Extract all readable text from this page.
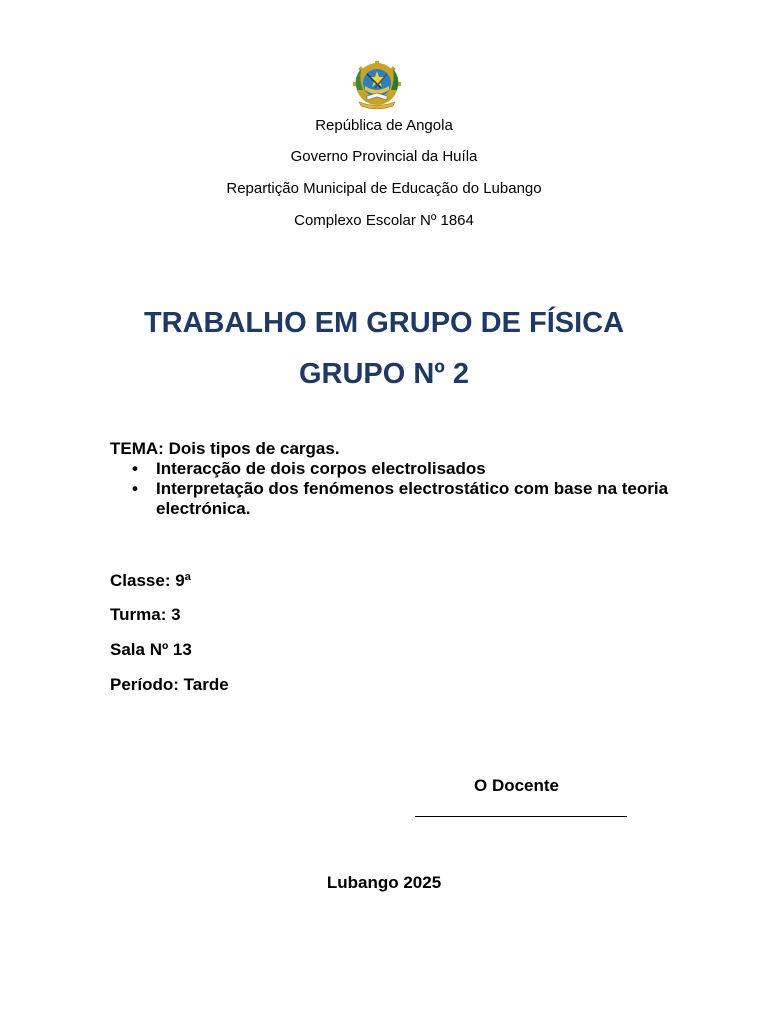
República de Angola
Governo Provincial da Huíla
Repartição Municipal de Educação do Lubango
Complexo Escolar Nº 1864
TRABALHO EM GRUPO DE FÍSICA
GRUPO Nº 2
TEMA: Dois tipos de cargas.
• Interacção de dois corpos electrolisados
• Interpretação dos fenómenos electrostático com base na teoria electrónica.
Classe: 9ª
Turma: 3
Sala Nº 13
Período: Tarde
O Docente
Lubango 2025
